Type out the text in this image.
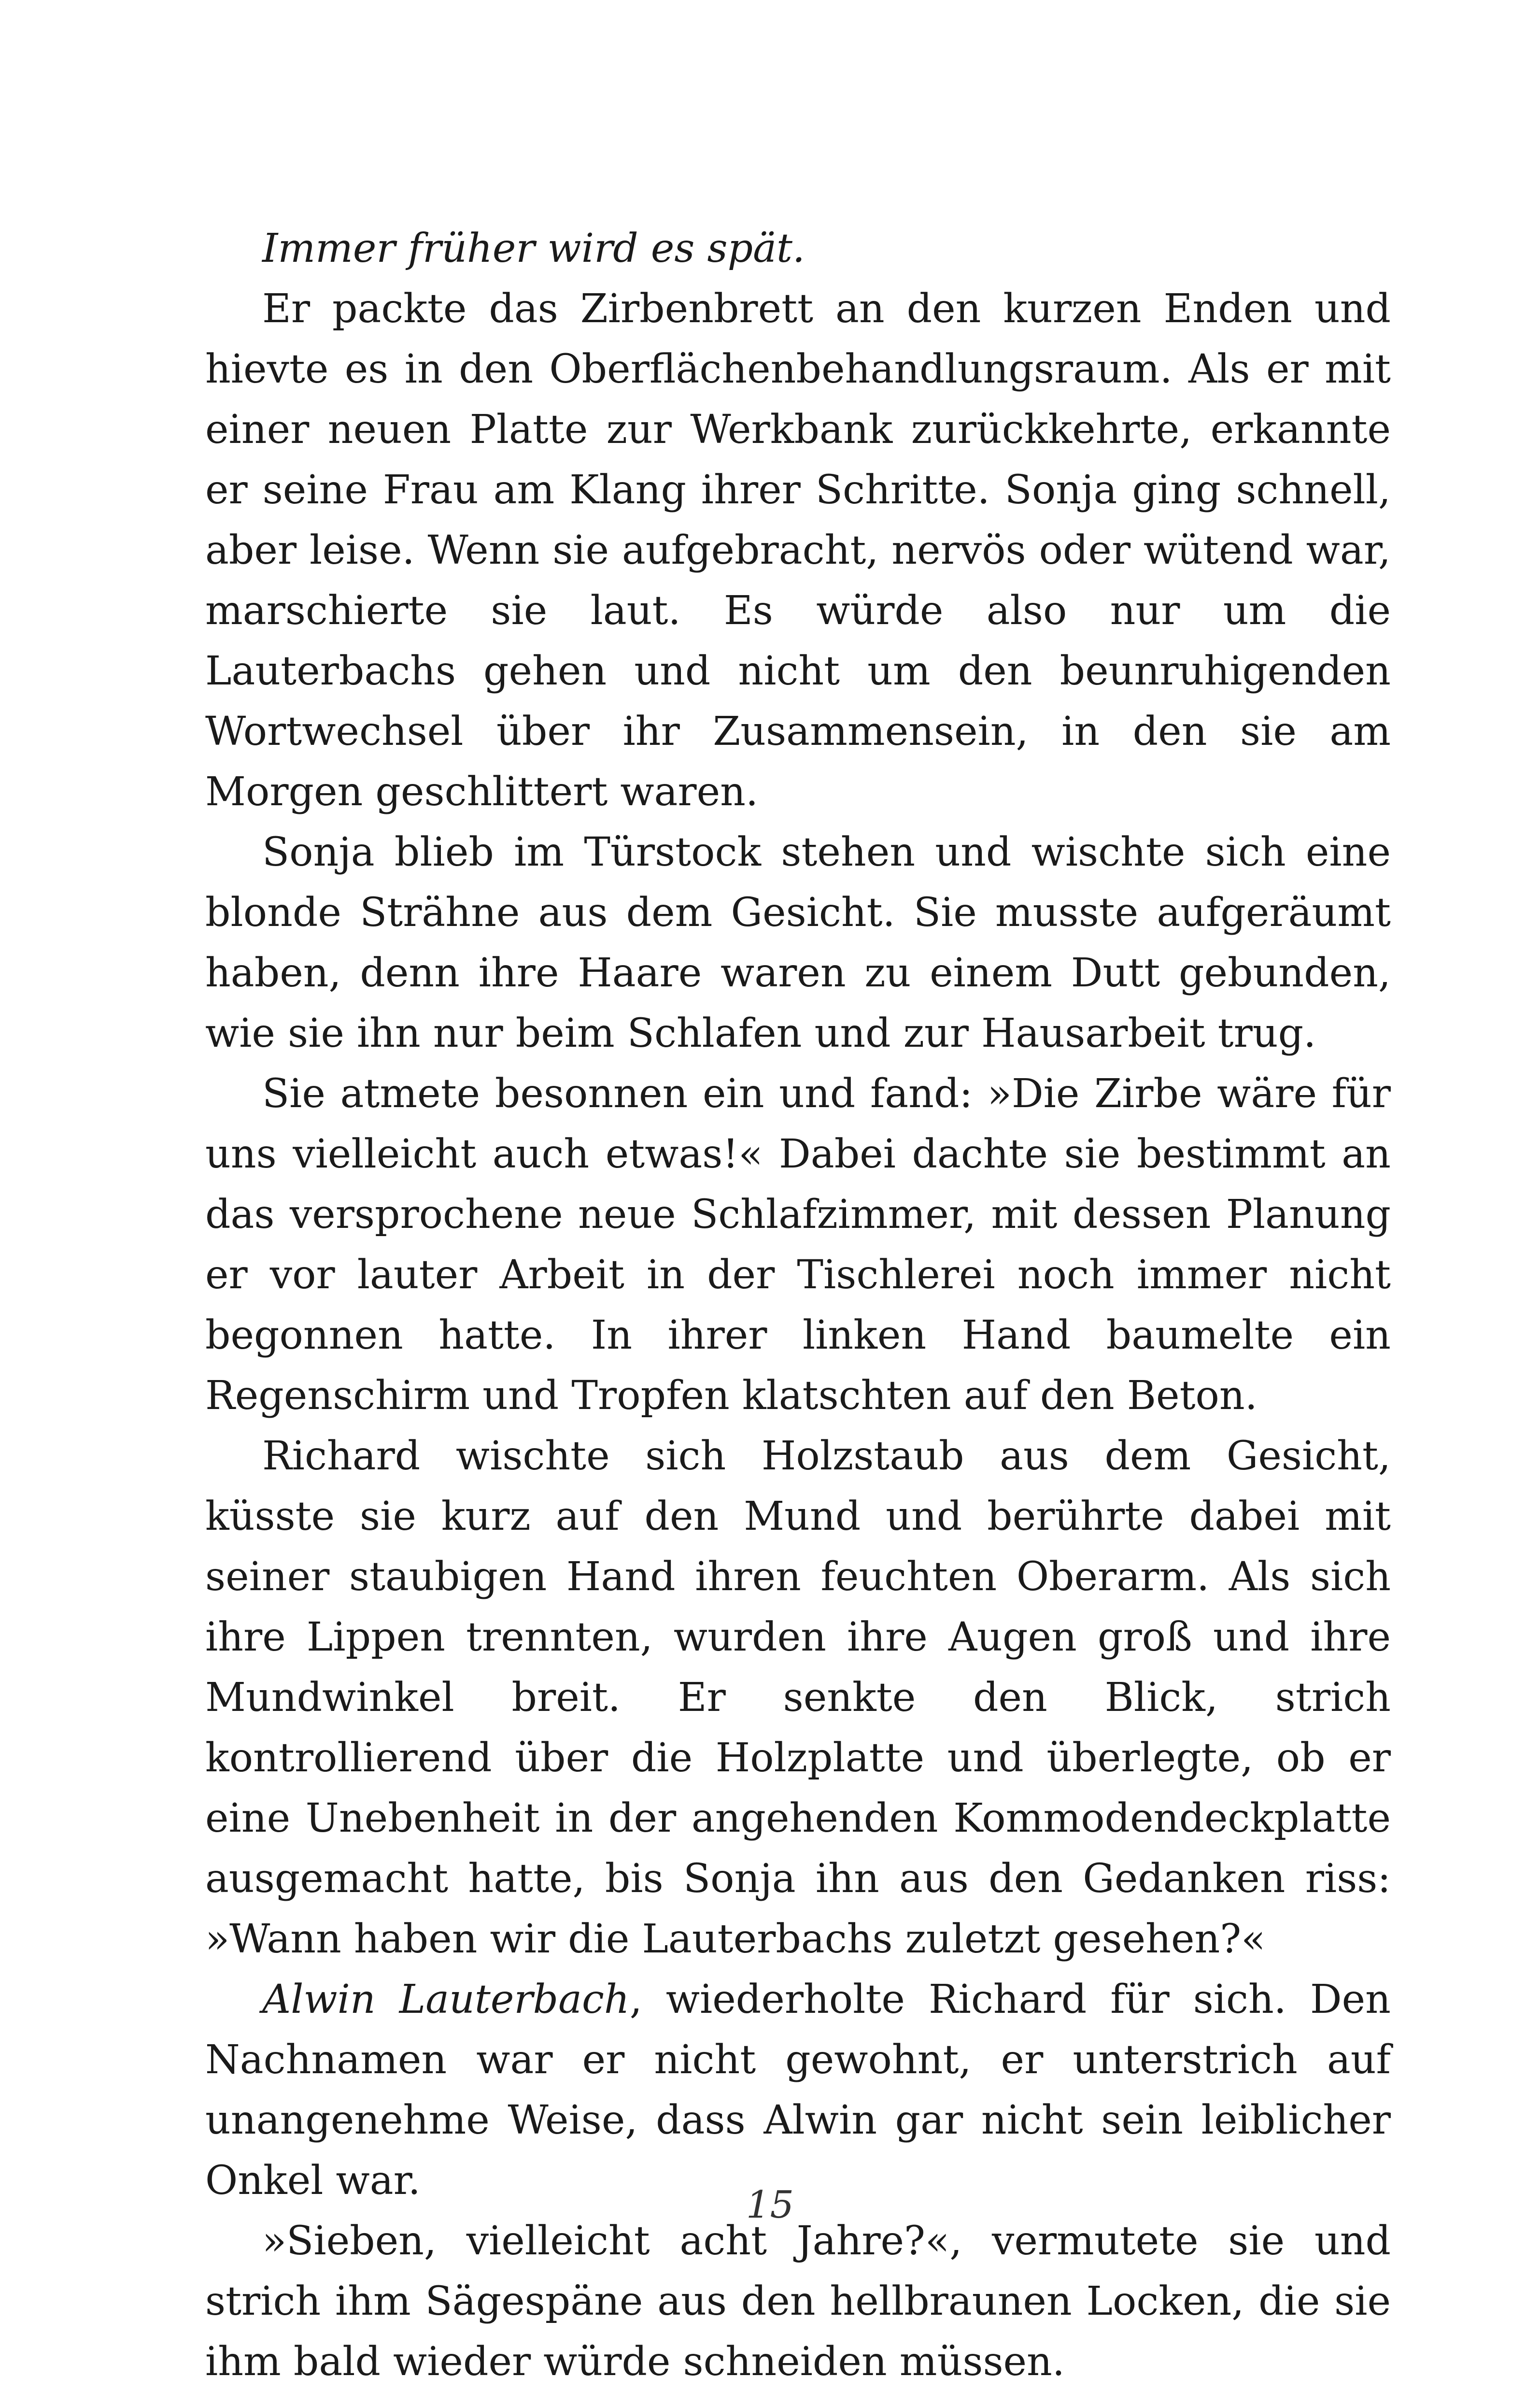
Immer früher wird es spät.

Er packte das Zirbenbrett an den kurzen Enden und hievte es in den Oberflächenbehandlungsraum. Als er mit einer neuen Platte zur Werkbank zurückkehrte, erkannte er seine Frau am Klang ihrer Schritte. Sonja ging schnell, aber leise. Wenn sie aufgebracht, nervös oder wütend war, marschierte sie laut. Es würde also nur um die Lauterbachs gehen und nicht um den beunruhigenden Wortwechsel über ihr Zusammensein, in den sie am Morgen geschlittert waren.

Sonja blieb im Türstock stehen und wischte sich eine blonde Strähne aus dem Gesicht. Sie musste aufgeräumt haben, denn ihre Haare waren zu einem Dutt gebunden, wie sie ihn nur beim Schlafen und zur Hausarbeit trug.

Sie atmete besonnen ein und fand: »Die Zirbe wäre für uns vielleicht auch etwas!« Dabei dachte sie bestimmt an das versprochene neue Schlafzimmer, mit dessen Planung er vor lauter Arbeit in der Tischlerei noch immer nicht begonnen hatte. In ihrer linken Hand baumelte ein Regenschirm und Tropfen klatschten auf den Beton.

Richard wischte sich Holzstaub aus dem Gesicht, küsste sie kurz auf den Mund und berührte dabei mit seiner staubigen Hand ihren feuchten Oberarm. Als sich ihre Lippen trennten, wurden ihre Augen groß und ihre Mundwinkel breit. Er senkte den Blick, strich kontrollierend über die Holzplatte und überlegte, ob er eine Unebenheit in der angehenden Kommodendeckplatte ausgemacht hatte, bis Sonja ihn aus den Gedanken riss: »Wann haben wir die Lauterbachs zuletzt gesehen?«

Alwin Lauterbach, wiederholte Richard für sich. Den Nachnamen war er nicht gewohnt, er unterstrich auf unangenehme Weise, dass Alwin gar nicht sein leiblicher Onkel war.

»Sieben, vielleicht acht Jahre?«, vermutete sie und strich ihm Sägespäne aus den hellbraunen Locken, die sie ihm bald wieder würde schneiden müssen.

15
